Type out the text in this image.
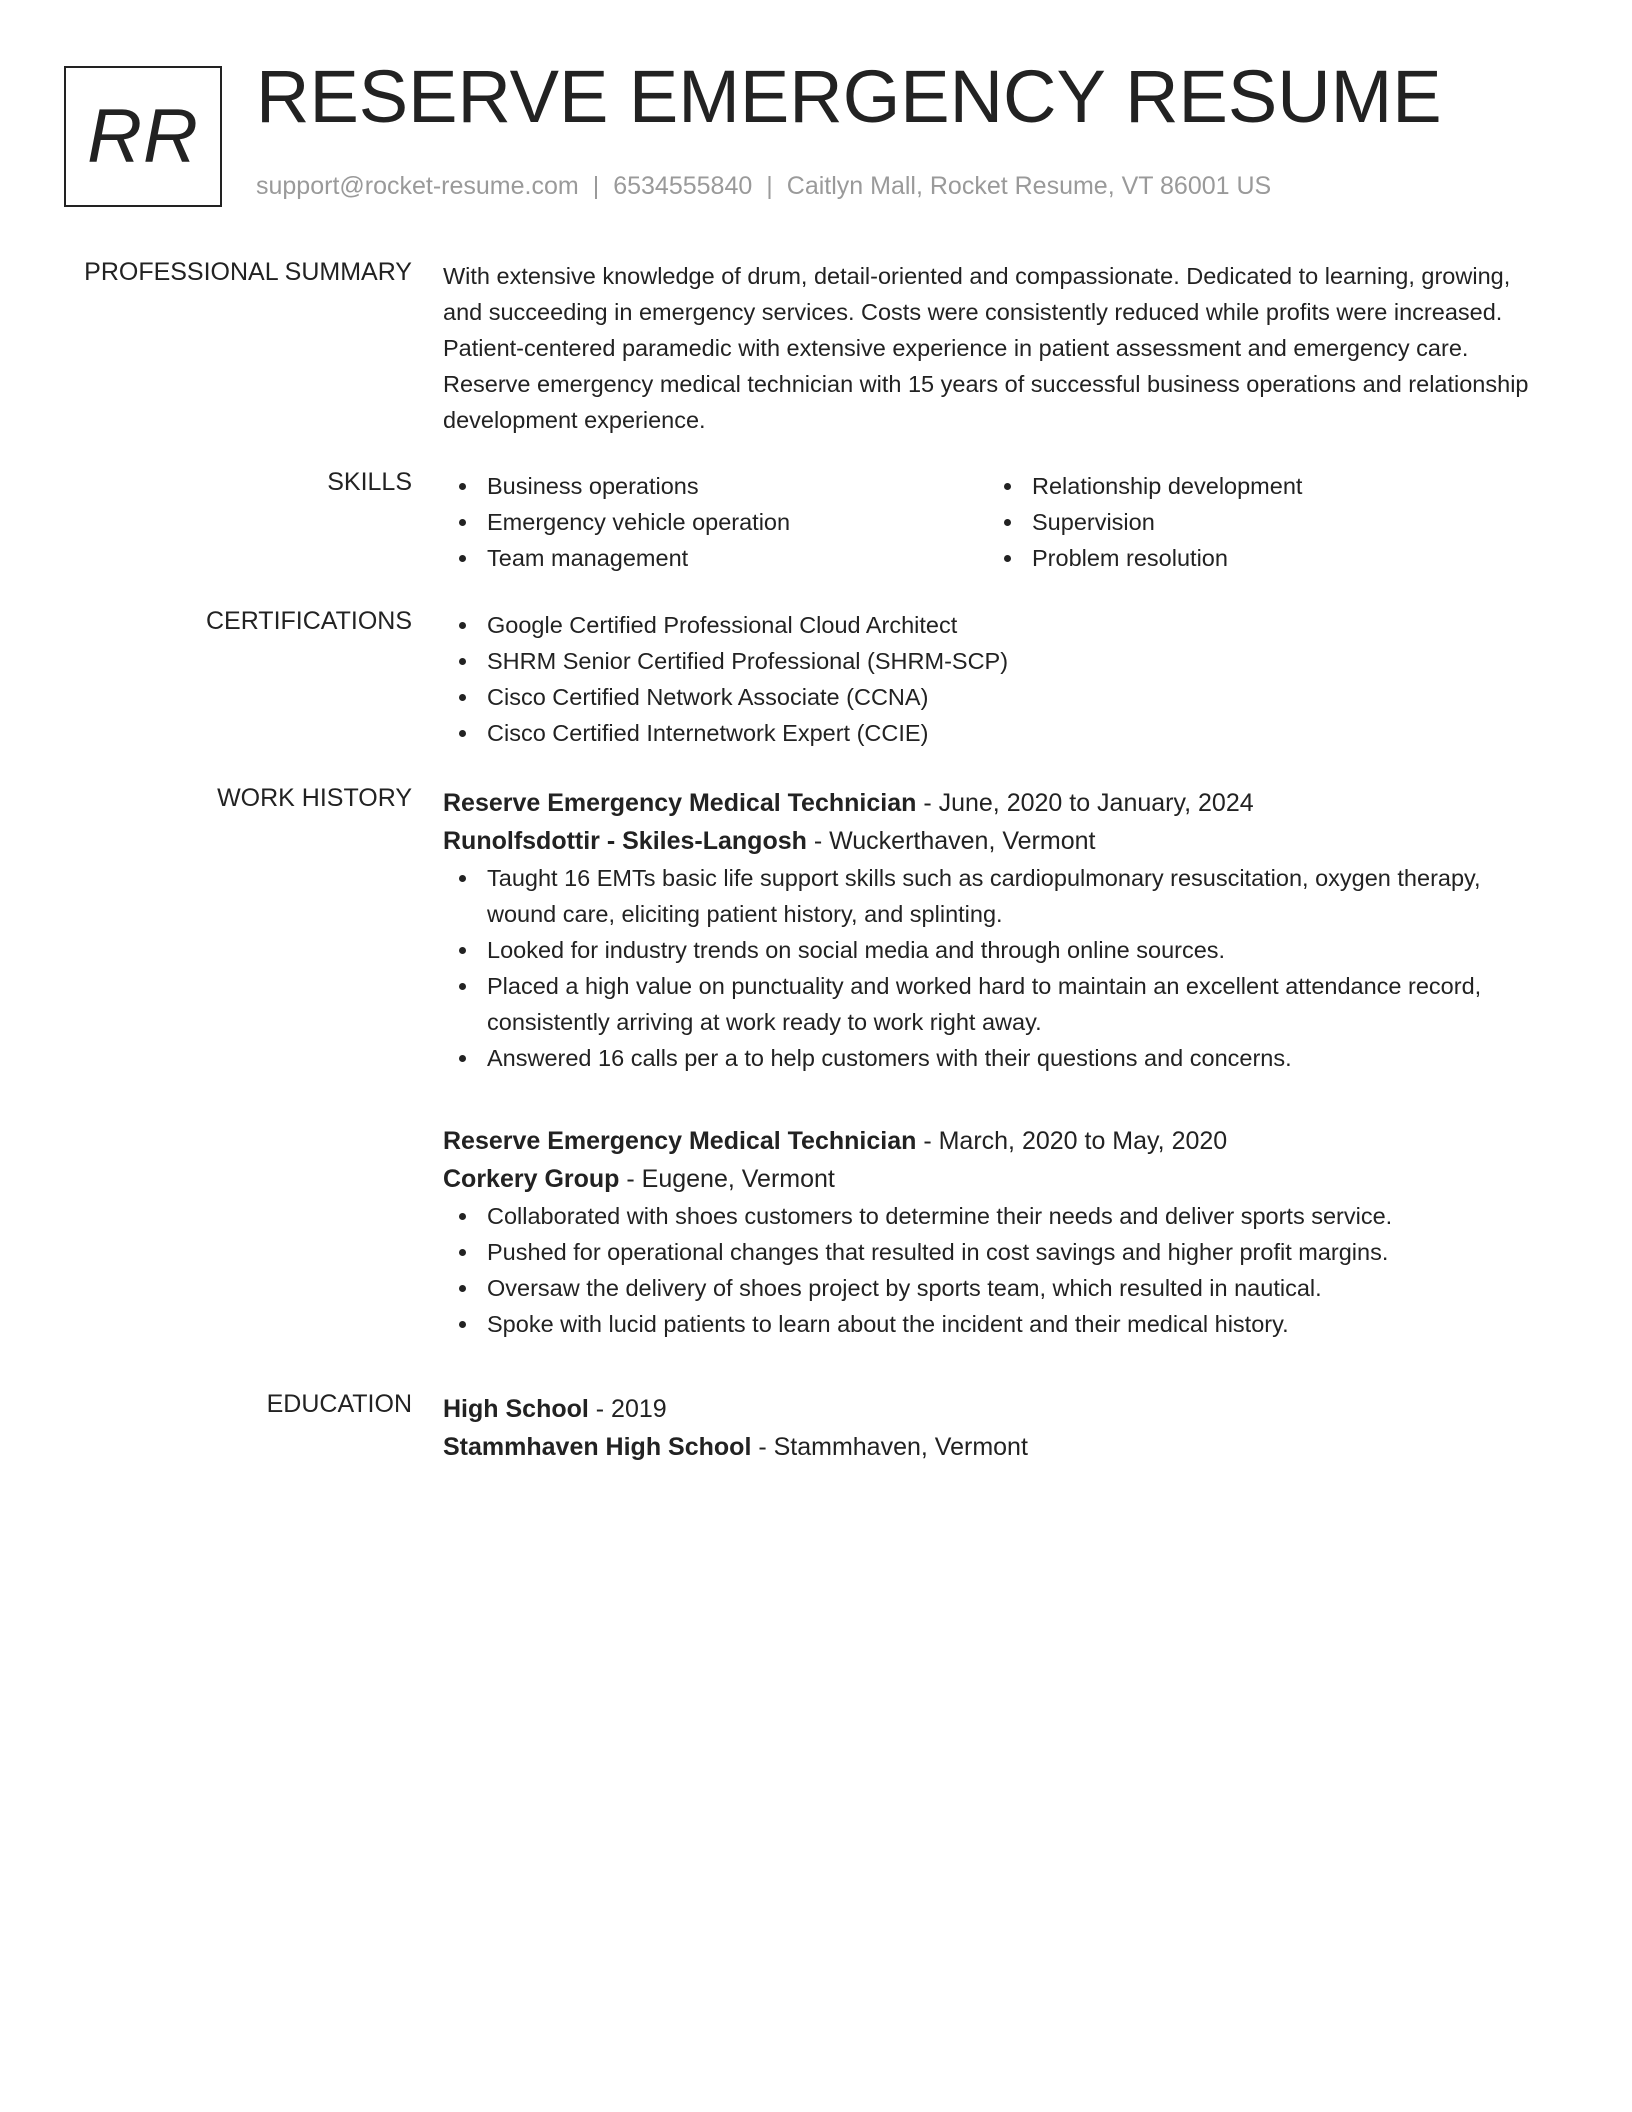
RR RESERVE EMERGENCY RESUME
support@rocket-resume.com | 6534555840 | Caitlyn Mall, Rocket Resume, VT 86001 US
PROFESSIONAL SUMMARY With extensive knowledge of drum, detail-oriented and compassionate. Dedicated to learning, growing, and succeeding in emergency services. Costs were consistently reduced while profits were increased. Patient-centered paramedic with extensive experience in patient assessment and emergency care. Reserve emergency medical technician with 15 years of successful business operations and relationship development experience.

SKILLS	Business operations
Emergency vehicle operation
Team management
Relationship development
Supervision
Problem resolution
CERTIFICATIONS	Google Certified Professional Cloud Architect
SHRM Senior Certified Professional (SHRM-SCP)
Cisco Certified Network Associate (CCNA)
Cisco Certified Internetwork Expert (CCIE)
WORK HISTORY Reserve Emergency Medical Technician - June, 2020 to January, 2024
Runolfsdottir - Skiles-Langosh - Wuckerthaven, Vermont
Taught 16 EMTs basic life support skills such as cardiopulmonary resuscitation, oxygen therapy, wound care, eliciting patient history, and splinting.
Looked for industry trends on social media and through online sources.
Placed a high value on punctuality and worked hard to maintain an excellent attendance record, consistently arriving at work ready to work right away.
Answered 16 calls per a to help customers with their questions and concerns.
Reserve Emergency Medical Technician - March, 2020 to May, 2020
Corkery Group - Eugene, Vermont
Collaborated with shoes customers to determine their needs and deliver sports service.
Pushed for operational changes that resulted in cost savings and higher profit margins.
Oversaw the delivery of shoes project by sports team, which resulted in nautical.
Spoke with lucid patients to learn about the incident and their medical history.
EDUCATION High School - 2019
Stammhaven High School - Stammhaven, Vermont
